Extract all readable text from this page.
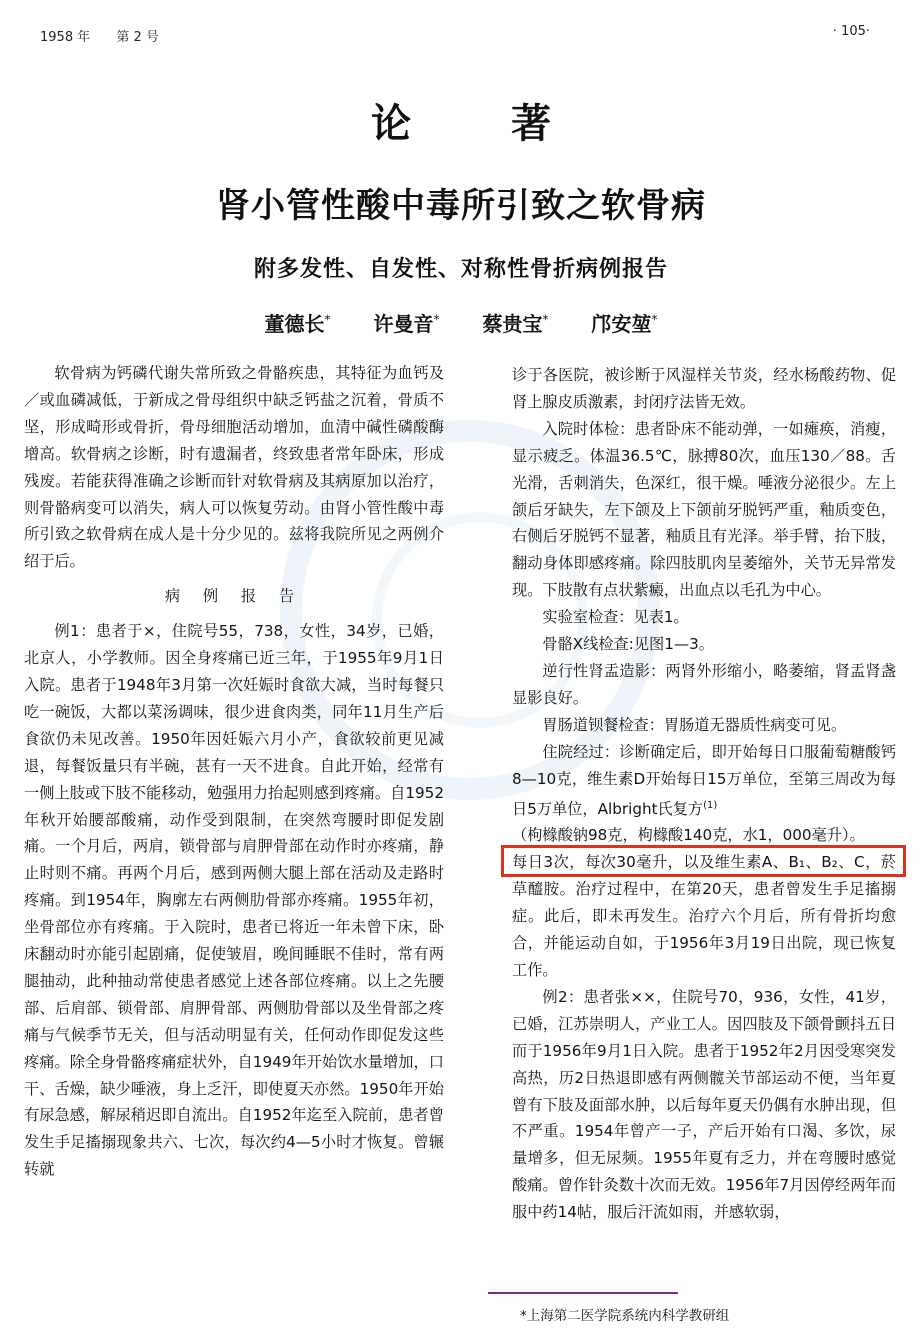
1958 年 第 2 号	· 105·
论著
肾小管性酸中毒所引致之软骨病
附多发性、自发性、对称性骨折病例报告
董德长* 许曼音* 蔡贵宝* 邝安堃*

软骨病为钙磷代谢失常所致之骨骼疾患，其特征为血钙及／或血磷减低，于新成之骨母组织中缺乏钙盐之沉着，骨质不坚，形成畸形或骨折，骨母细胞活动增加，血清中碱性磷酸酶增高。软骨病之诊断，时有遗漏者，终致患者常年卧床，形成残废。若能获得准确之诊断而针对软骨病及其病原加以治疗，则骨骼病变可以消失，病人可以恢复劳动。由肾小管性酸中毒所引致之软骨病在成人是十分少见的。兹将我院所见之两例介绍于后。

病 例 报 告

例1：患者于×，住院号55，738，女性，34岁，已婚，北京人，小学教师。因全身疼痛已近三年，于1955年9月1日入院。患者于1948年3月第一次妊娠时食欲大减，当时每餐只吃一碗饭，大都以菜汤调味，很少进食肉类，同年11月生产后食欲仍未见改善。1950年因妊娠六月小产，食欲较前更见减退，每餐饭量只有半碗，甚有一天不进食。自此开始，经常有一侧上肢或下肢不能移动，勉强用力抬起则感到疼痛。自1952年秋开始腰部酸痛，动作受到限制，在突然弯腰时即促发剧痛。一个月后，两肩，锁骨部与肩胛骨部在动作时亦疼痛，静止时则不痛。再两个月后，感到两侧大腿上部在活动及走路时疼痛。到1954年，胸廓左右两侧肋骨部亦疼痛。1955年初，坐骨部位亦有疼痛。于入院时，患者已将近一年未曾下床，卧床翻动时亦能引起剧痛，促使皱眉，晚间睡眠不佳时，常有两腿抽动，此种抽动常使患者感觉上述各部位疼痛。以上之先腰部、后肩部、锁骨部、肩胛骨部、两侧肋骨部以及坐骨部之疼痛与气候季节无关，但与活动明显有关，任何动作即促发这些疼痛。除全身骨骼疼痛症状外，自1949年开始饮水量增加，口干、舌燥，缺少唾液，身上乏汗，即使夏天亦然。1950年开始有尿急感，解尿稍迟即自流出。自1952年迄至入院前，患者曾发生手足搐搦现象共六、七次，每次约4—5小时才恢复。曾辗转就

诊于各医院，被诊断于风湿样关节炎，经水杨酸药物、促肾上腺皮质激素，封闭疗法皆无效。

入院时体检：患者卧床不能动弹，一如瘫痪，消瘦，显示疲乏。体温36.5℃，脉搏80次，血压130／88。舌光滑，舌刺消失，色深红，很干燥。唾液分泌很少。左上颌后牙缺失，左下颌及上下颌前牙脱钙严重，釉质变色，右侧后牙脱钙不显著，釉质且有光泽。举手臂，抬下肢，翻动身体即感疼痛。除四肢肌肉呈萎缩外，关节无异常发现。下肢散有点状紫癜，出血点以毛孔为中心。

实验室检查：见表1。

骨骼X线检查:见图1—3。

逆行性肾盂造影：两肾外形缩小，略萎缩，肾盂肾盏显影良好。

胃肠道钡餐检查：胃肠道无器质性病变可见。

住院经过：诊断确定后，即开始每日口服葡萄糖酸钙8—10克，维生素D开始每日15万单位，至第三周改为每日5万单位，Albright氏复方$^{(1)}$

（枸橼酸钠98克，枸橼酸140克，水1，000毫升）。

每日3次，每次30毫升，以及维生素A、B₁、B₂、C，菸草醯胺。治疗过程中，在第20天，患者曾发生手足搐搦症。此后，即未再发生。治疗六个月后，所有骨折均愈合，并能运动自如，于1956年3月19日出院，现已恢复工作。

例2：患者张××，住院号70，936，女性，41岁，已婚，江苏崇明人，产业工人。因四肢及下颌骨颤抖五日而于1956年9月1日入院。患者于1952年2月因受寒突发高热，历2日热退即感有两侧髋关节部运动不便，当年夏曾有下肢及面部水肿，以后每年夏天仍偶有水肿出现，但不严重。1954年曾产一子，产后开始有口渴、多饮，尿量增多，但无尿频。1955年夏有乏力，并在弯腰时感觉酸痛。曾作针灸数十次而无效。1956年7月因停经两年而服中药14帖，服后汗流如雨，并感软弱，

*上海第二医学院系统内科学教研组
